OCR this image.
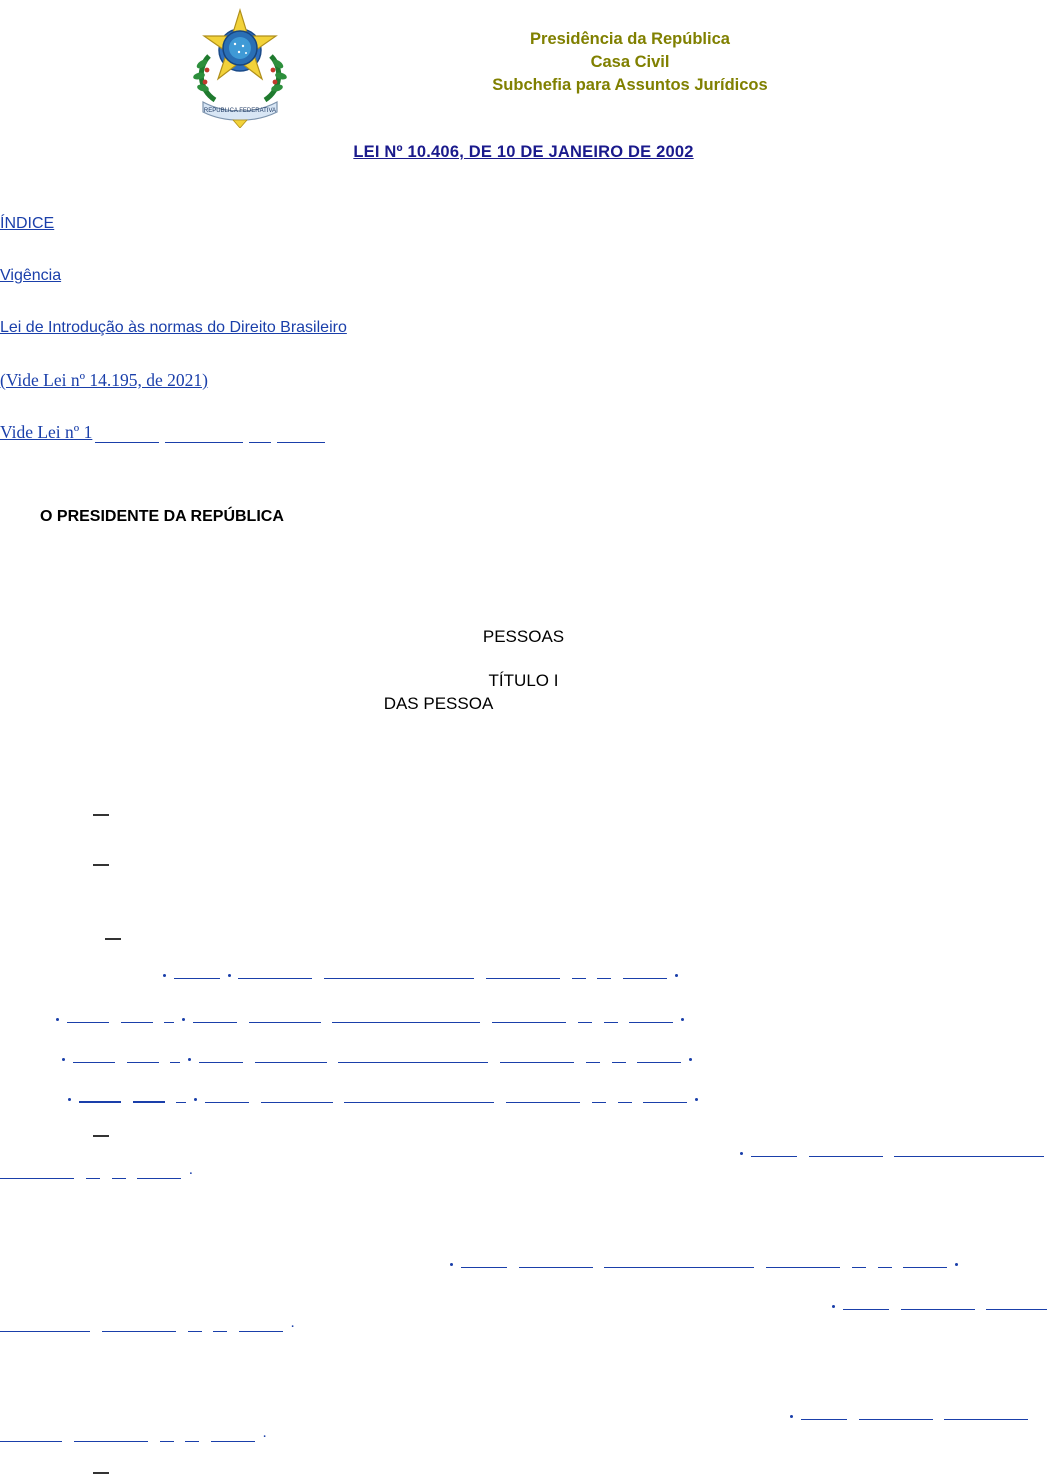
REPUBLICA FEDERATIVA
Presidência da República
Casa Civil
Subchefia para Assuntos Jurídicos
LEI Nº 10.406, DE 10 DE JANEIRO DE 2002
ÍNDICE
Vigência
Lei de Introdução às normas do Direito Brasileiro
(Vide Lei nº 14.195, de 2021)
Vide Lei nº 1
O PRESIDENTE DA REPÚBLICA
PESSOAS
TÍTULO I
DAS PESSOA

.

.

.
